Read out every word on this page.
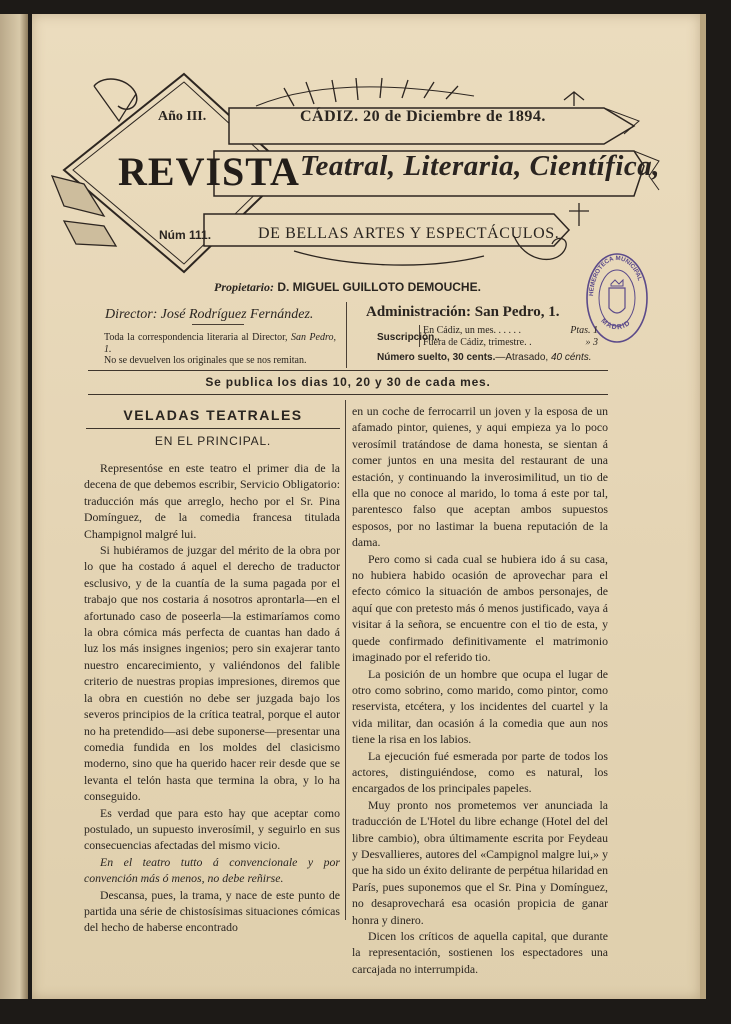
Año III.	CÁDIZ. 20 de Diciembre de 1894.
REVISTA Teatral, Literaria, Científica,
Núm 111.	DE BELLAS ARTES Y ESPECTÁCULOS.
Propietario: D. MIGUEL GUILLOTO DEMOUCHE.	HEMEROTECA MUNICIPAL
MADRID
Director: José Rodríguez Fernández.
Toda la correspondencia literaria al Director, San Pedro, 1.
No se devuelven los originales que se nos remitan.
Administración: San Pedro, 1.
Suscripción..
En Cádiz, un mes. . . . . .	Ptas. 1
Fuera de Cádiz, trimestre. .	» 3
Número suelto, 30 cents.—Atrasado, 40 cénts.
Se publica los dias 10, 20 y 30 de cada mes.
VELADAS TEATRALES
EN EL PRINCIPAL.

Representóse en este teatro el primer dia de la decena de que debemos escribir, Servicio Obligatorio: traducción más que arreglo, hecho por el Sr. Pina Domínguez, de la comedia francesa titulada Champignol malgré lui.

Si hubiéramos de juzgar del mérito de la obra por lo que ha costado á aquel el derecho de traductor esclusivo, y de la cuantía de la suma pagada por el trabajo que nos costaria á nosotros aprontarla—en el afortunado caso de poseerla—la estimaríamos como la obra cómica más perfecta de cuantas han dado á luz los más insignes ingenios; pero sin exajerar tanto nuestro encarecimiento, y valiéndonos del falible criterio de nuestras propias impresiones, diremos que la obra en cuestión no debe ser juzgada bajo los severos principios de la crítica teatral, porque el autor no ha pretendido—asi debe suponerse—presentar una comedia fundida en los moldes del clasicismo moderno, sino que ha querido hacer reir desde que se levanta el telón hasta que termina la obra, y lo ha conseguido.

Es verdad que para esto hay que aceptar como postulado, un supuesto inverosímil, y seguirlo en sus consecuencias afectadas del mismo vicio.

En el teatro tutto á convencionale y por convención más ó menos, no debe reñirse.

Descansa, pues, la trama, y nace de este punto de partida una série de chistosísimas situaciones cómicas del hecho de haberse encontrado

en un coche de ferrocarril un joven y la esposa de un afamado pintor, quienes, y aqui empieza ya lo poco verosímil tratándose de dama honesta, se sientan á comer juntos en una mesita del restaurant de una estación, y continuando la inverosimilitud, un tio de ella que no conoce al marido, lo toma á este por tal, parentesco falso que aceptan ambos supuestos esposos, por no lastimar la buena reputación de la dama.

Pero como si cada cual se hubiera ido á su casa, no hubiera habido ocasión de aprovechar para el efecto cómico la situación de ambos personajes, de aquí que con pretesto más ó menos justificado, vaya á visitar á la señora, se encuentre con el tio de esta, y quede confirmado definitivamente el matrimonio imaginado por el referido tio.

La posición de un hombre que ocupa el lugar de otro como sobrino, como marido, como pintor, como reservista, etcétera, y los incidentes del cuartel y la vida militar, dan ocasión á la comedia que aun nos tiene la risa en los labios.

La ejecución fué esmerada por parte de todos los actores, distinguiéndose, como es natural, los encargados de los principales papeles.

Muy pronto nos prometemos ver anunciada la traducción de L'Hotel du libre echange (Hotel del del libre cambio), obra últimamente escrita por Feydeau y Desvallieres, autores del «Campignol malgre lui,» y que ha sido un éxito delirante de perpétua hilaridad en París, pues suponemos que el Sr. Pina y Domínguez, no desaprovechará esa ocasión propicia de ganar honra y dinero.

Dicen los críticos de aquella capital, que durante la representación, sostienen los espectadores una carcajada no interrumpida.
